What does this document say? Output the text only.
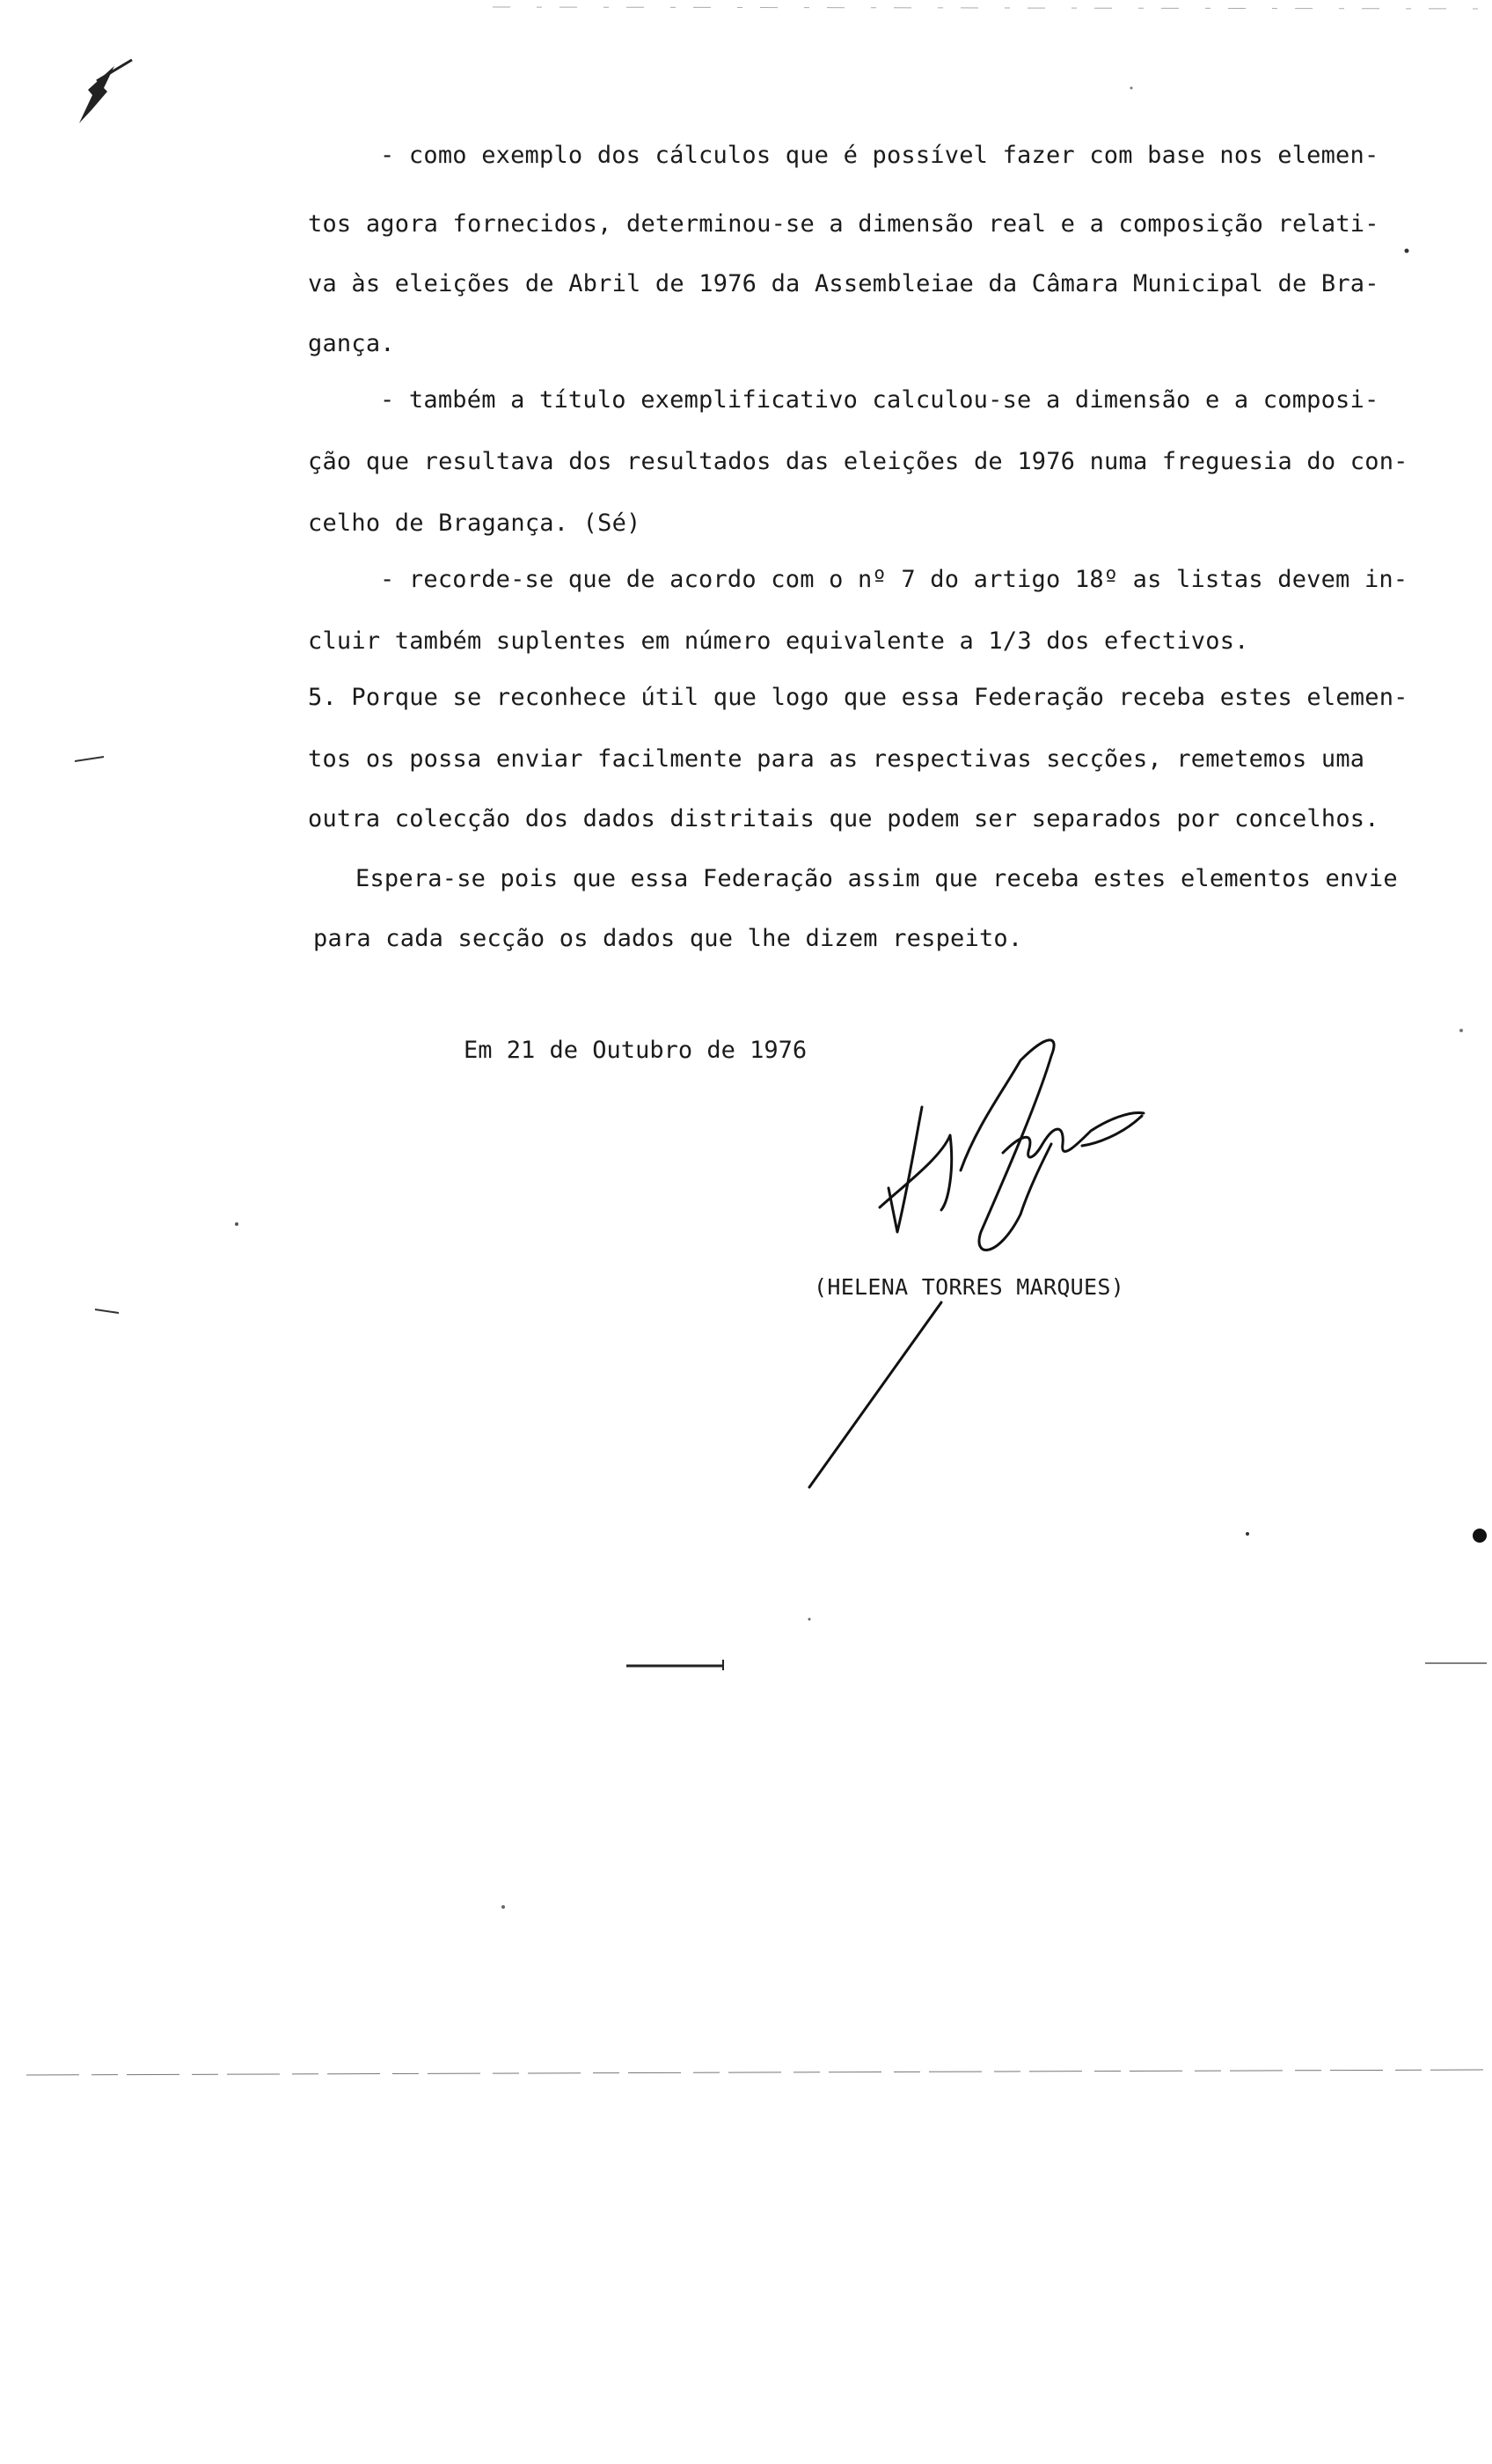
- como exemplo dos cálculos que é possível fazer com base nos elemen-
tos agora fornecidos, determinou-se a dimensão real e a composição relati-
va às eleições de Abril de 1976 da Assembleiae da Câmara Municipal de Bra-
gança.
- também a título exemplificativo calculou-se a dimensão e a composi-
ção que resultava dos resultados das eleições de 1976 numa freguesia do con-
celho de Bragança. (Sé)
- recorde-se que de acordo com o nº 7 do artigo 18º as listas devem in-
cluir também suplentes em número equivalente a 1/3 dos efectivos.
5. Porque se reconhece útil que logo que essa Federação receba estes elemen-
tos os possa enviar facilmente para as respectivas secções, remetemos uma
outra colecção dos dados distritais que podem ser separados por concelhos.
Espera-se pois que essa Federação assim que receba estes elementos envie
para cada secção os dados que lhe dizem respeito.
Em 21 de Outubro de 1976
(HELENA TORRES MARQUES)
